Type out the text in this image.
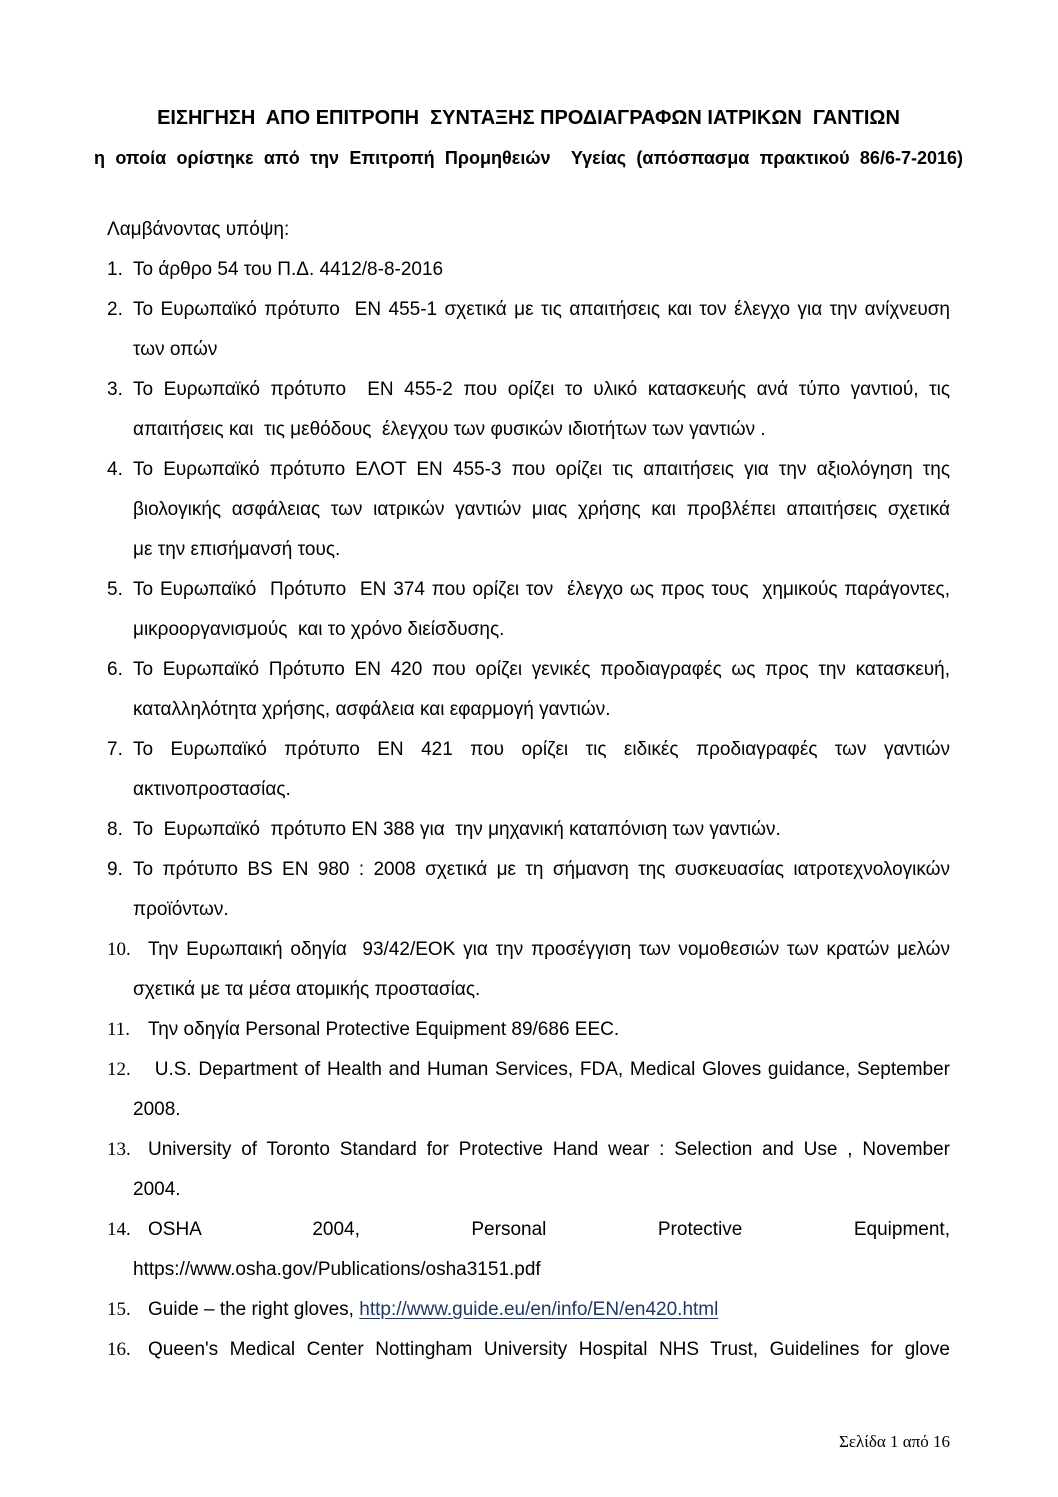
ΕΙΣΗΓΗΣΗ  ΑΠΟ ΕΠΙΤΡΟΠΗ  ΣΥΝΤΑΞΗΣ ΠΡΟΔΙΑΓΡΑΦΩΝ ΙΑΤΡΙΚΩΝ  ΓΑΝΤΙΩΝ
η οποία ορίστηκε από την Επιτροπή Προμηθειών  Υγείας (απόσπασμα πρακτικού 86/6-7-2016)
Λαμβάνοντας υπόψη:
1. Το άρθρο 54 του Π.Δ. 4412/8-8-2016
2. Το Ευρωπαϊκό πρότυπο  ΕΝ 455-1 σχετικά με τις απαιτήσεις και τον έλεγχο για την ανίχνευση
των οπών
3. Το Ευρωπαϊκό πρότυπο  ΕΝ 455-2 που ορίζει το υλικό κατασκευής ανά τύπο γαντιού, τις
απαιτήσεις και  τις μεθόδους  έλεγχου των φυσικών ιδιοτήτων των γαντιών .
4. Το Ευρωπαϊκό πρότυπο ΕΛΟΤ ΕΝ 455-3 που ορίζει τις απαιτήσεις για την αξιολόγηση της
βιολογικής ασφάλειας των ιατρικών γαντιών μιας χρήσης και προβλέπει απαιτήσεις σχετικά
με την επισήμανσή τους.
5. Το Ευρωπαϊκό  Πρότυπο  ΕΝ 374 που ορίζει τον  έλεγχο ως προς τους  χημικούς παράγοντες,
μικροοργανισμούς  και το χρόνο διείσδυσης.
6. Το Ευρωπαϊκό Πρότυπο ΕΝ 420 που ορίζει γενικές προδιαγραφές ως προς την κατασκευή,
καταλληλότητα χρήσης, ασφάλεια και εφαρμογή γαντιών.
7. Το Ευρωπαϊκό πρότυπο ΕΝ 421 που ορίζει τις ειδικές προδιαγραφές των γαντιών
ακτινοπροστασίας.
8. Το  Ευρωπαϊκό  πρότυπο ΕΝ 388 για  την μηχανική καταπόνιση των γαντιών.
9. Το πρότυπο BS EN 980 : 2008 σχετικά με τη σήμανση της συσκευασίας ιατροτεχνολογικών
προϊόντων.
10. Την Ευρωπαική οδηγία  93/42/ΕΟΚ για την προσέγγιση των νομοθεσιών των κρατών μελών
σχετικά με τα μέσα ατομικής προστασίας.
11. Την οδηγία Personal Protective Equipment 89/686 EEC.
12. U.S. Department of Health and Human Services, FDA, Medical Gloves guidance, September
2008.
13. University of Toronto Standard for Protective Hand wear : Selection and Use , November
2004.
14. OSHA 2004, Personal Protective Equipment,
https://www.osha.gov/Publications/osha3151.pdf
15. Guide – the right gloves, http://www.guide.eu/en/info/EN/en420.html
16. Queen's Medical Center Nottingham University Hospital NHS Trust, Guidelines for glove
Σελίδα 1 από 16
